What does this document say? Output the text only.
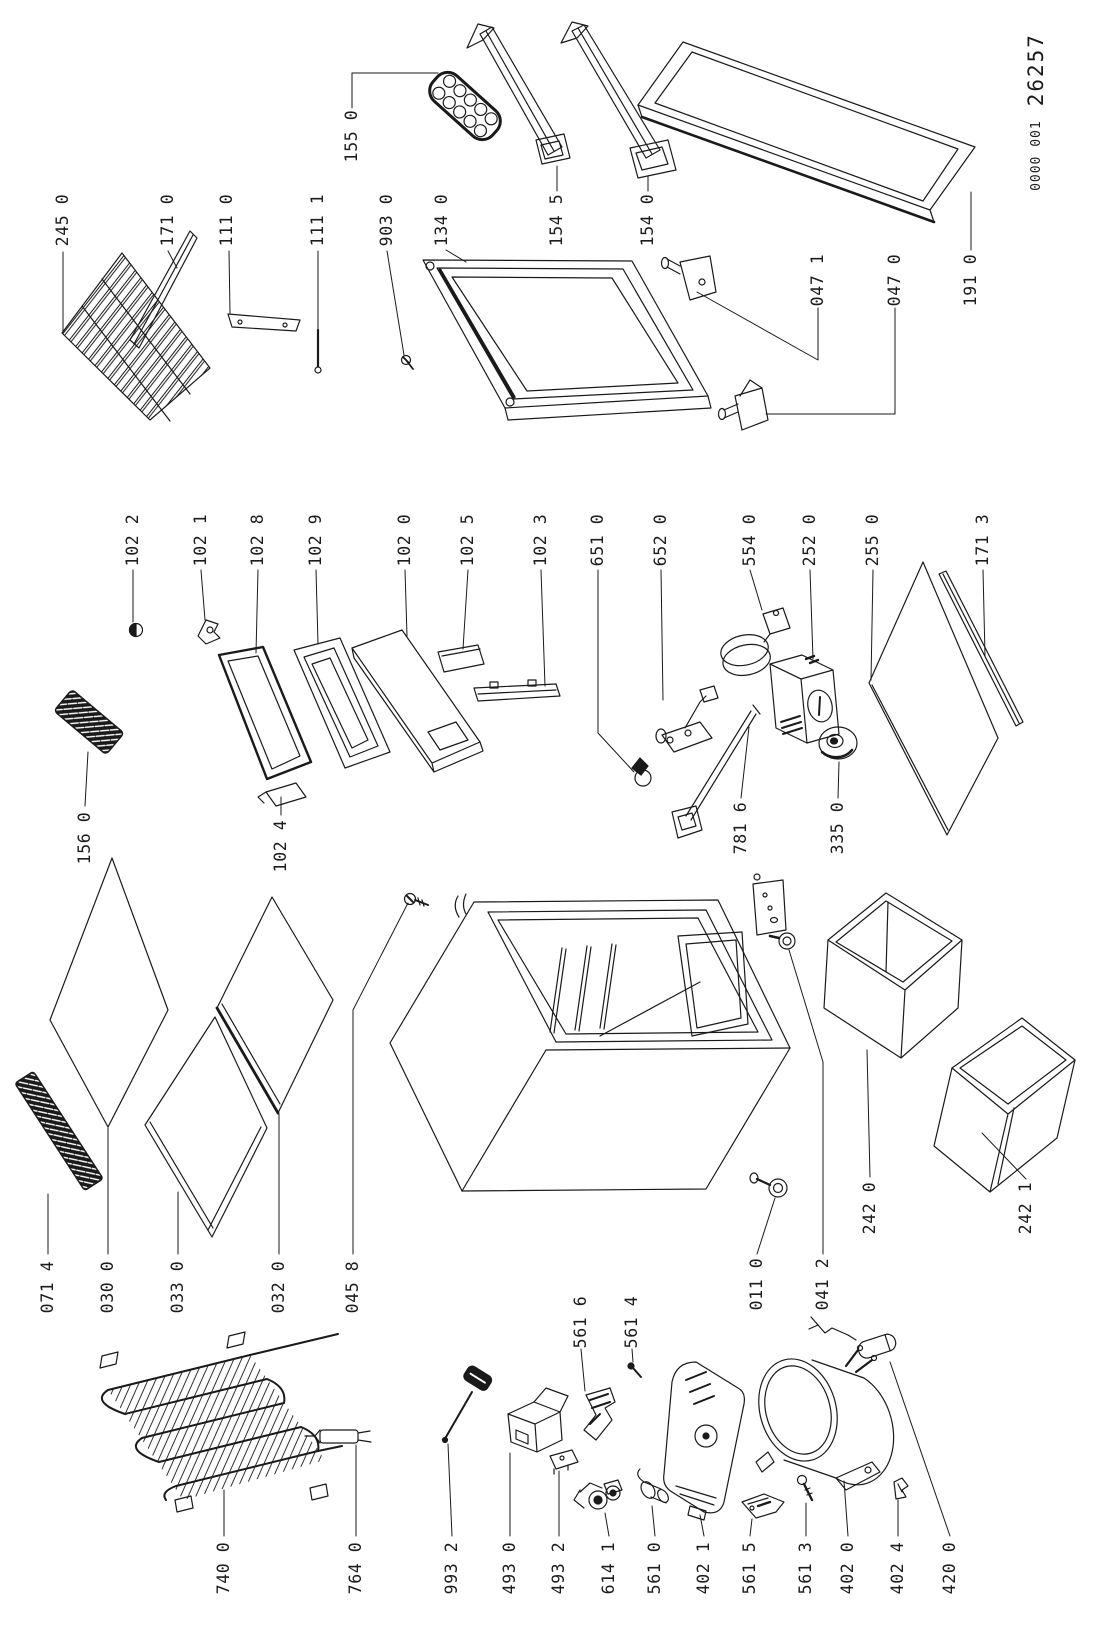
245 0	171 0 111 0	111 1	903 0 134 0
155 0
154 5	154 0
047 1	047 0	191 0
102 2	102 1 102 8 102 9	102 0	102 5	102 3 651 0	652 0	554 0 252 0	255 0	171 3
156 0	102 4	781 6	335 0
071 4 030 0	033 0	032 0	045 8	011 0	041 2
242 0	242 1
740 0	764 0	993 2 493 0 493 2 614 1 561 0 402 1 561 5 561 3 402 0 402 4 420 0
561 6 561 4
0000 001
26257
